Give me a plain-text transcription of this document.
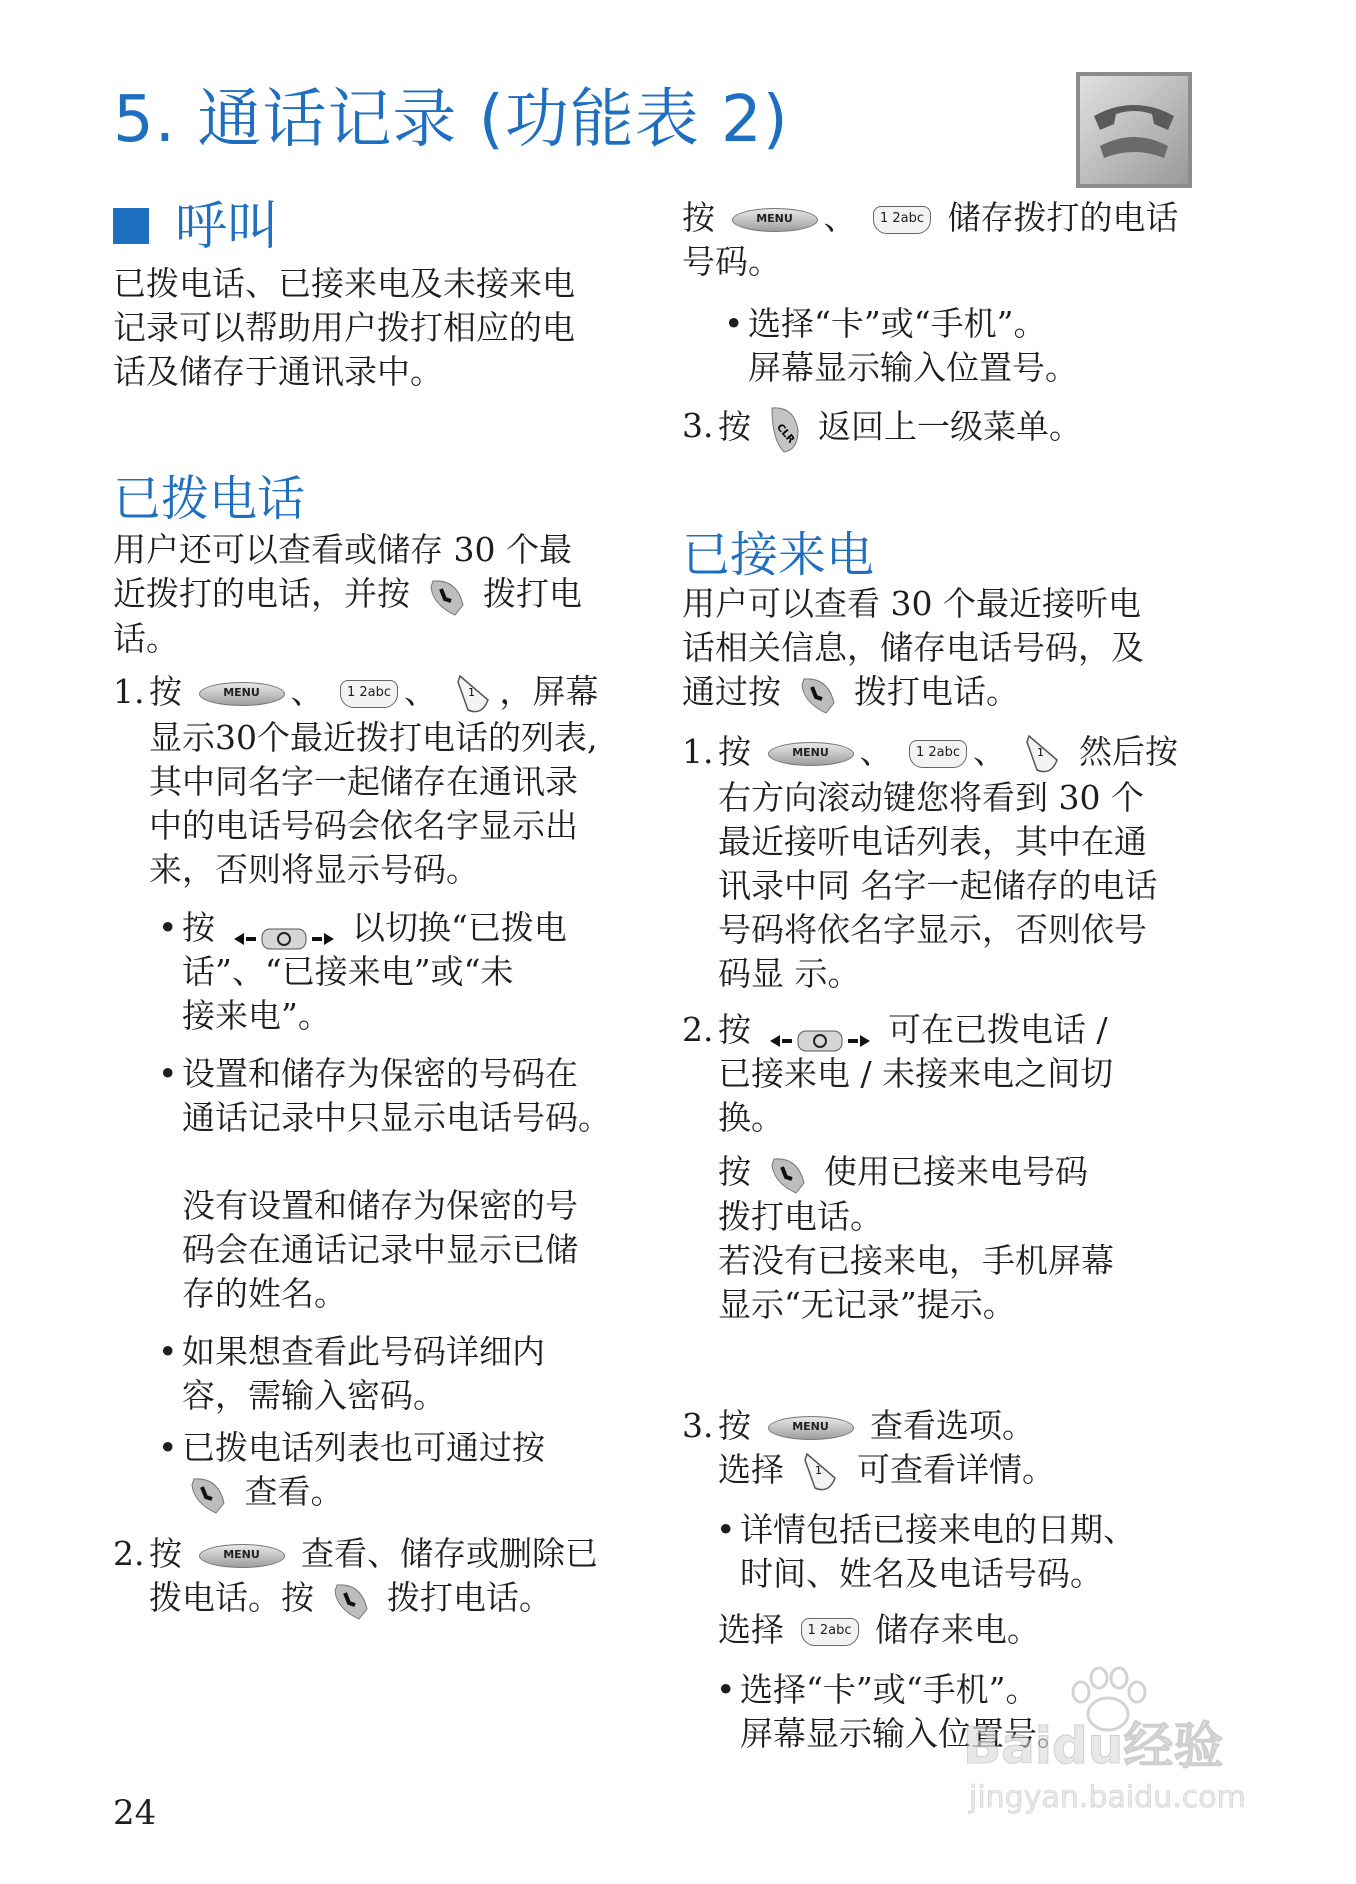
5. 通话记录 (功能表 2)
呼叫

已拨电话、已接来电及未接来电
记录可以帮助用户拨打相应的电
话及储存于通讯录中。

已拨电话

用户还可以查看或储存 30 个最
近拨打的电话，并按 拨打电
话。

1. 按	MENU 、	1 2abc 、	1 ，屏幕
显示30个最近拨打电话的列表,
其中同名字一起储存在通讯录
中的电话号码会依名字显示出
来，否则将显示号码。
• 按	以切换“已拨电
话”、“已接来电”或“未
接来电”。
• 设置和储存为保密的号码在
通话记录中只显示电话号码。

没有设置和储存为保密的号
码会在通话记录中显示已储
存的姓名。

• 如果想查看此号码详细内
容，需输入密码。
• 已拨电话列表也可通过按
查看。
2. 按	MENU	查看、储存或删除已
拨电话。按 拨打电话。
按	MENU 、	1 2abc 储存拨打的电话
号码。
• 选择“卡”或“手机”。
屏幕显示输入位置号。
3. 按 CLR 返回上一级菜单。
已接来电

用户可以查看 30 个最近接听电
话相关信息，储存电话号码，及
通过按 拨打电话。

1. 按	MENU 、	1 2abc 、	1 然后按
右方向滚动键您将看到 30 个
最近接听电话列表，其中在通
讯录中同 名字一起储存的电话
号码将依名字显示，否则依号
码显 示。
2. 按	可在已拨电话 /
已接来电 / 未接来电之间切
换。
按 使用已接来电号码
拨打电话。
若没有已接来电，手机屏幕
显示“无记录”提示。
3. 按	MENU	查看选项。
选择	1 可查看详情。
• 详情包括已接来电的日期、
时间、姓名及电话号码。
选择	1 2abc 储存来电。
• 选择“卡”或“手机”。
屏幕显示输入位置号。

24

Baidu经验
jingyan.baidu.com
